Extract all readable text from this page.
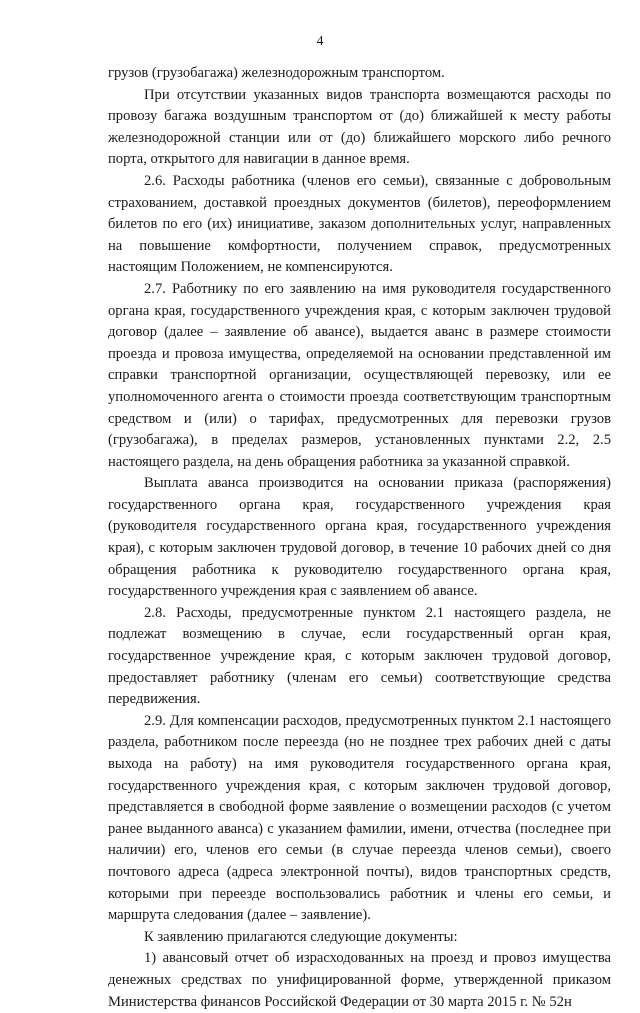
4

грузов (грузобагажа) железнодорожным транспортом.

При отсутствии указанных видов транспорта возмещаются расходы по провозу багажа воздушным транспортом от (до) ближайшей к месту работы железнодорожной станции или от (до) ближайшего морского либо речного порта, открытого для навигации в данное время.

2.6. Расходы работника (членов его семьи), связанные с добровольным страхованием, доставкой проездных документов (билетов), переоформлением билетов по его (их) инициативе, заказом дополнительных услуг, направленных на повышение комфортности, получением справок, предусмотренных настоящим Положением, не компенсируются.

2.7. Работнику по его заявлению на имя руководителя государственного органа края, государственного учреждения края, с которым заключен трудовой договор (далее – заявление об авансе), выдается аванс в размере стоимости проезда и провоза имущества, определяемой на основании представленной им справки транспортной организации, осуществляющей перевозку, или ее уполномоченного агента о стоимости проезда соответствующим транспортным средством и (или) о тарифах, предусмотренных для перевозки грузов (грузобагажа), в пределах размеров, установленных пунктами 2.2, 2.5 настоящего раздела, на день обращения работника за указанной справкой.

Выплата аванса производится на основании приказа (распоряжения) государственного органа края, государственного учреждения края (руководителя государственного органа края, государственного учреждения края), с которым заключен трудовой договор, в течение 10 рабочих дней со дня обращения работника к руководителю государственного органа края, государственного учреждения края с заявлением об авансе.

2.8. Расходы, предусмотренные пунктом 2.1 настоящего раздела, не подлежат возмещению в случае, если государственный орган края, государственное учреждение края, с которым заключен трудовой договор, предоставляет работнику (членам его семьи) соответствующие средства передвижения.

2.9. Для компенсации расходов, предусмотренных пунктом 2.1 настоящего раздела, работником после переезда (но не позднее трех рабочих дней с даты выхода на работу) на имя руководителя государственного органа края, государственного учреждения края, с которым заключен трудовой договор, представляется в свободной форме заявление о возмещении расходов (с учетом ранее выданного аванса) с указанием фамилии, имени, отчества (последнее при наличии) его, членов его семьи (в случае переезда членов семьи), своего почтового адреса (адреса электронной почты), видов транспортных средств, которыми при переезде воспользовались работник и члены его семьи, и маршрута следования (далее – заявление).

К заявлению прилагаются следующие документы:

1) авансовый отчет об израсходованных на проезд и провоз имущества денежных средствах по унифицированной форме, утвержденной приказом Министерства финансов Российской Федерации от 30 марта 2015 г. № 52н
